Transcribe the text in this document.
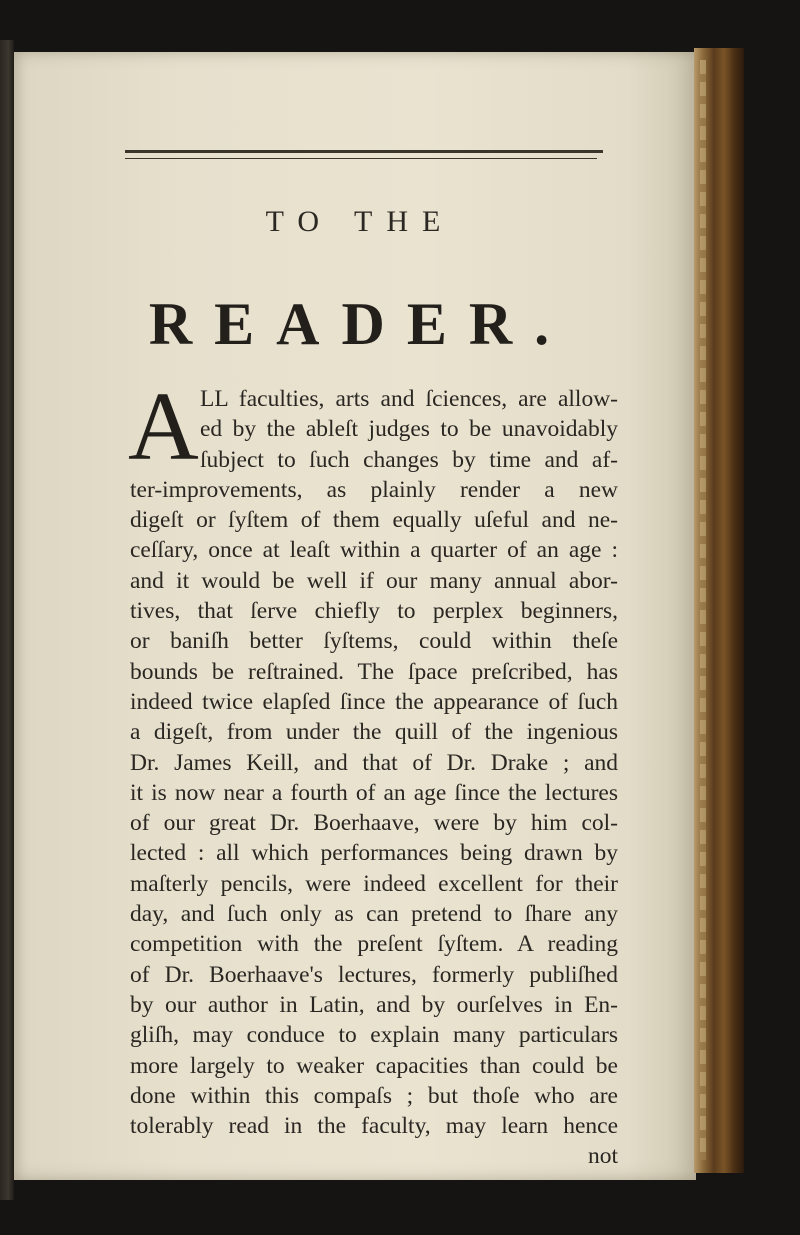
TO THE
READER.
A LL faculties, arts and ſciences, are allow-
ed by the ableſt judges to be unavoidably
ſubject to ſuch changes by time and af-
ter-improvements, as plainly render a new
digeſt or ſyſtem of them equally uſeful and ne-
ceſſary, once at leaſt within a quarter of an age :
and it would be well if our many annual abor-
tives, that ſerve chiefly to perplex beginners,
or baniſh better ſyſtems, could within theſe
bounds be reſtrained. The ſpace preſcribed, has
indeed twice elapſed ſince the appearance of ſuch
a digeſt, from under the quill of the ingenious
Dr. James Keill, and that of Dr. Drake ; and
it is now near a fourth of an age ſince the lectures
of our great Dr. Boerhaave, were by him col-
lected : all which performances being drawn by
maſterly pencils, were indeed excellent for their
day, and ſuch only as can pretend to ſhare any
competition with the preſent ſyſtem. A reading
of Dr. Boerhaave's lectures, formerly publiſhed
by our author in Latin, and by ourſelves in En-
gliſh, may conduce to explain many particulars
more largely to weaker capacities than could be
done within this compaſs ; but thoſe who are
tolerably read in the faculty, may learn hence
not
